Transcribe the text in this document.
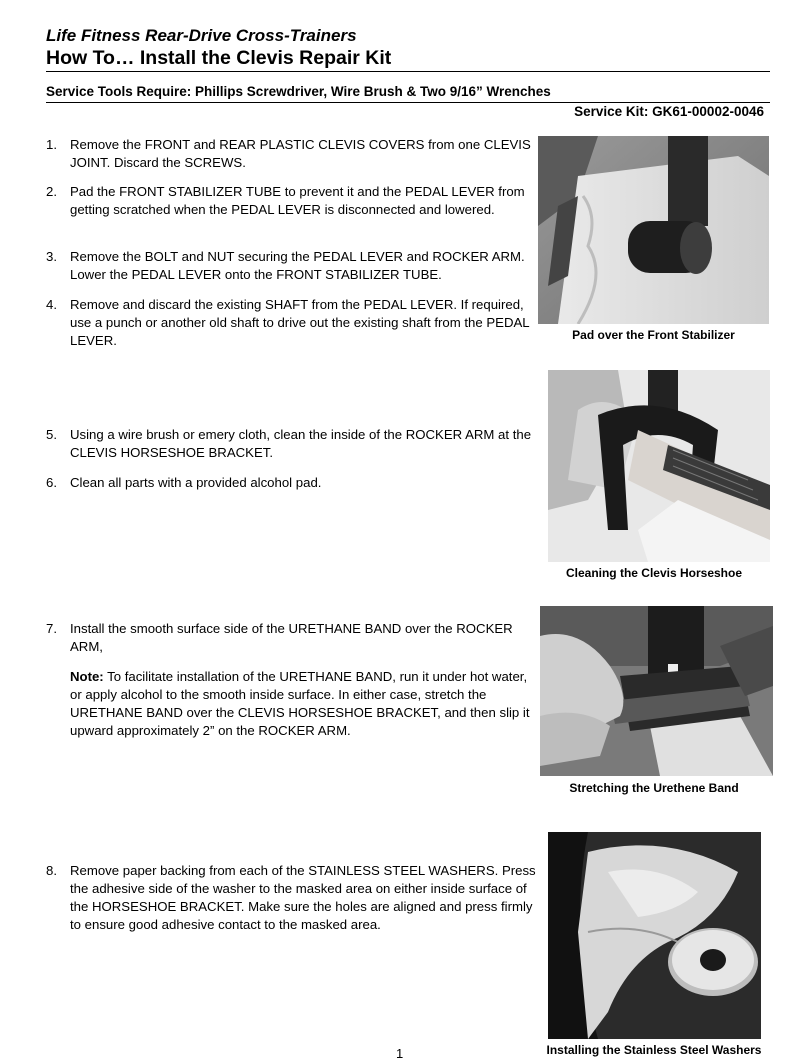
Life Fitness Rear-Drive Cross-Trainers
How To… Install the Clevis Repair Kit
Service Tools Require: Phillips Screwdriver, Wire Brush & Two 9/16” Wrenches
Service Kit: GK61-00002-0046
1. Remove the FRONT and REAR PLASTIC CLEVIS COVERS from one CLEVIS JOINT. Discard the SCREWS.
2. Pad the FRONT STABILIZER TUBE to prevent it and the PEDAL LEVER from getting scratched when the PEDAL LEVER is disconnected and lowered.
3. Remove the BOLT and NUT securing the PEDAL LEVER and ROCKER ARM. Lower the PEDAL LEVER onto the FRONT STABILIZER TUBE.
4. Remove and discard the existing SHAFT from the PEDAL LEVER. If required, use a punch or another old shaft to drive out the existing shaft from the PEDAL LEVER.
5. Using a wire brush or emery cloth, clean the inside of the ROCKER ARM at the CLEVIS HORSESHOE BRACKET.
6. Clean all parts with a provided alcohol pad.
7. Install the smooth surface side of the URETHANE BAND over the ROCKER ARM,
Note: To facilitate installation of the URETHANE BAND, run it under hot water, or apply alcohol to the smooth inside surface. In either case, stretch the URETHANE BAND over the CLEVIS HORSESHOE BRACKET, and then slip it upward approximately 2” on the ROCKER ARM.
8. Remove paper backing from each of the STAINLESS STEEL WASHERS. Press the adhesive side of the washer to the masked area on either inside surface of the HORSESHOE BRACKET. Make sure the holes are aligned and press firmly to ensure good adhesive contact to the masked area.
Pad over the Front Stabilizer
Cleaning the Clevis Horseshoe
Stretching the Urethene Band
Installing the Stainless Steel Washers
1
